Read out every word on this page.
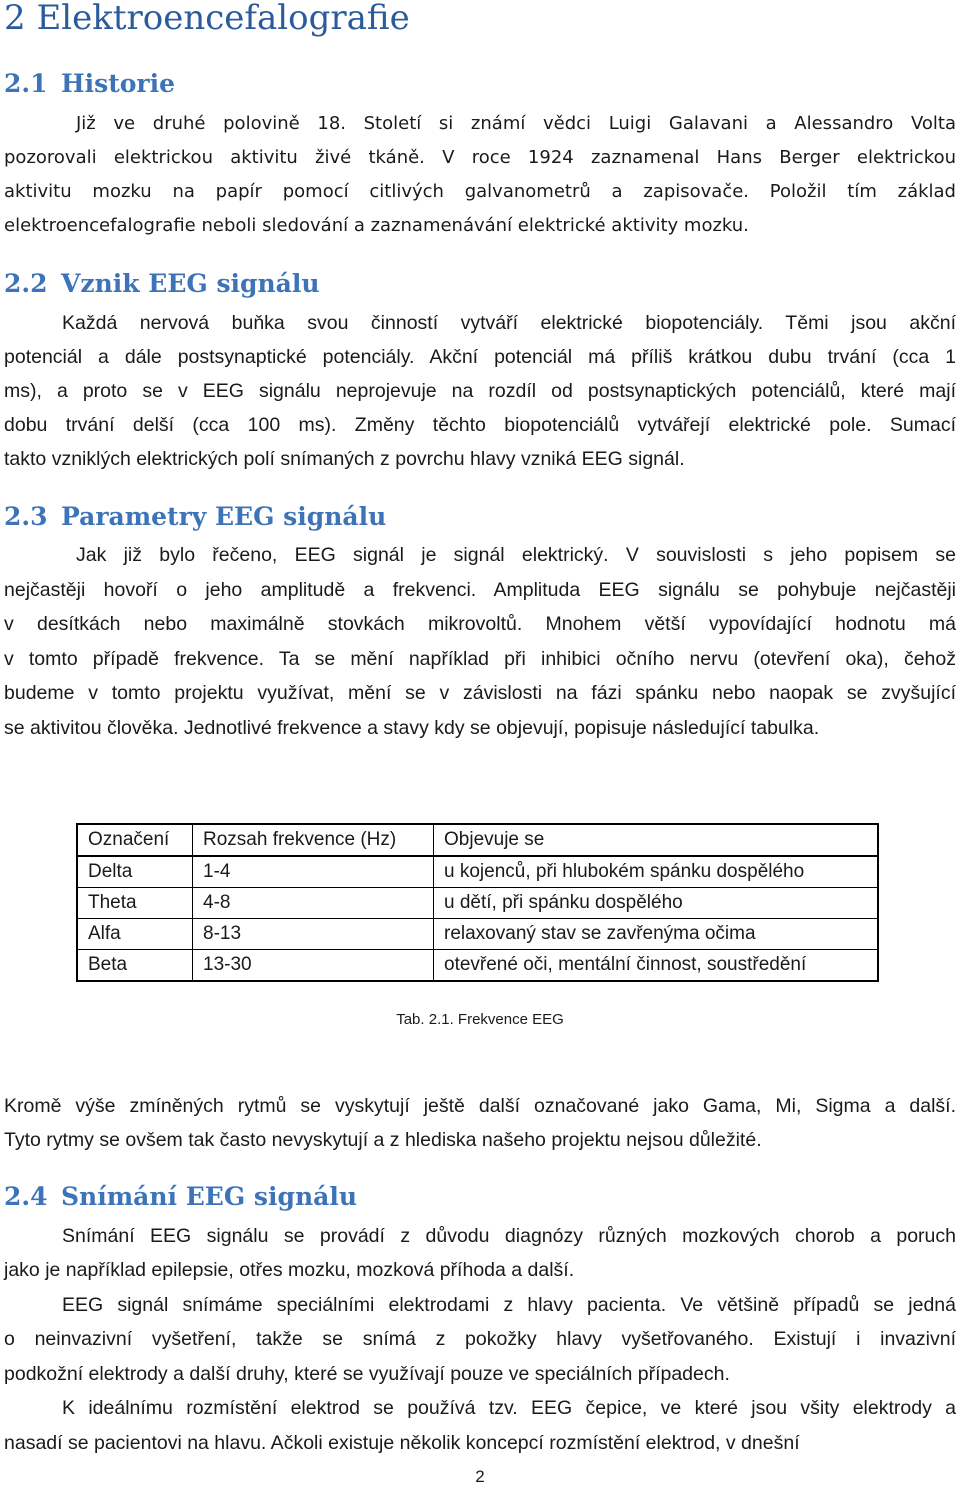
2 Elektroencefalografie
2.1 Historie
Již ve druhé polovině 18. Století si známí vědci Luigi Galavani a Alessandro Volta
pozorovali elektrickou aktivitu živé tkáně. V roce 1924 zaznamenal Hans Berger elektrickou
aktivitu mozku na papír pomocí citlivých galvanometrů a zapisovače. Položil tím základ
elektroencefalografie neboli sledování a zaznamenávání elektrické aktivity mozku.
2.2 Vznik EEG signálu
Každá nervová buňka svou činností vytváří elektrické biopotenciály. Těmi jsou akční
potenciál a dále postsynaptické potenciály. Akční potenciál má příliš krátkou dubu trvání (cca 1
ms), a proto se v EEG signálu neprojevuje na rozdíl od postsynaptických potenciálů, které mají
dobu trvání delší (cca 100 ms). Změny těchto biopotenciálů vytvářejí elektrické pole. Sumací
takto vzniklých elektrických polí snímaných z povrchu hlavy vzniká EEG signál.
2.3 Parametry EEG signálu
Jak již bylo řečeno, EEG signál je signál elektrický. V souvislosti s jeho popisem se
nejčastěji hovoří o jeho amplitudě a frekvenci. Amplituda EEG signálu se pohybuje nejčastěji
v desítkách nebo maximálně stovkách mikrovoltů. Mnohem větší vypovídající hodnotu má
v tomto případě frekvence. Ta se mění například při inhibici očního nervu (otevření oka), čehož
budeme v tomto projektu využívat, mění se v závislosti na fázi spánku nebo naopak se zvyšující
se aktivitou člověka. Jednotlivé frekvence a stavy kdy se objevují, popisuje následující tabulka.
Označení	Rozsah frekvence (Hz)	Objevuje se
Delta	1-4	u kojenců, při hlubokém spánku dospělého
Theta	4-8	u dětí, při spánku dospělého
Alfa	8-13	relaxovaný stav se zavřenýma očima
Beta	13-30	otevřené oči, mentální činnost, soustředění
Tab. 2.1. Frekvence EEG
Kromě výše zmíněných rytmů se vyskytují ještě další označované jako Gama, Mi, Sigma a další.
Tyto rytmy se ovšem tak často nevyskytují a z hlediska našeho projektu nejsou důležité.
2.4 Snímání EEG signálu
Snímání EEG signálu se provádí z důvodu diagnózy různých mozkových chorob a poruch
jako je například epilepsie, otřes mozku, mozková příhoda a další.
EEG signál snímáme speciálními elektrodami z hlavy pacienta. Ve většině případů se jedná
o neinvazivní vyšetření, takže se snímá z pokožky hlavy vyšetřovaného. Existují i invazivní
podkožní elektrody a další druhy, které se využívají pouze ve speciálních případech.
K ideálnímu rozmístění elektrod se používá tzv. EEG čepice, ve které jsou všity elektrody a
nasadí se pacientovi na hlavu. Ačkoli existuje několik koncepcí rozmístění elektrod, v dnešní
2
